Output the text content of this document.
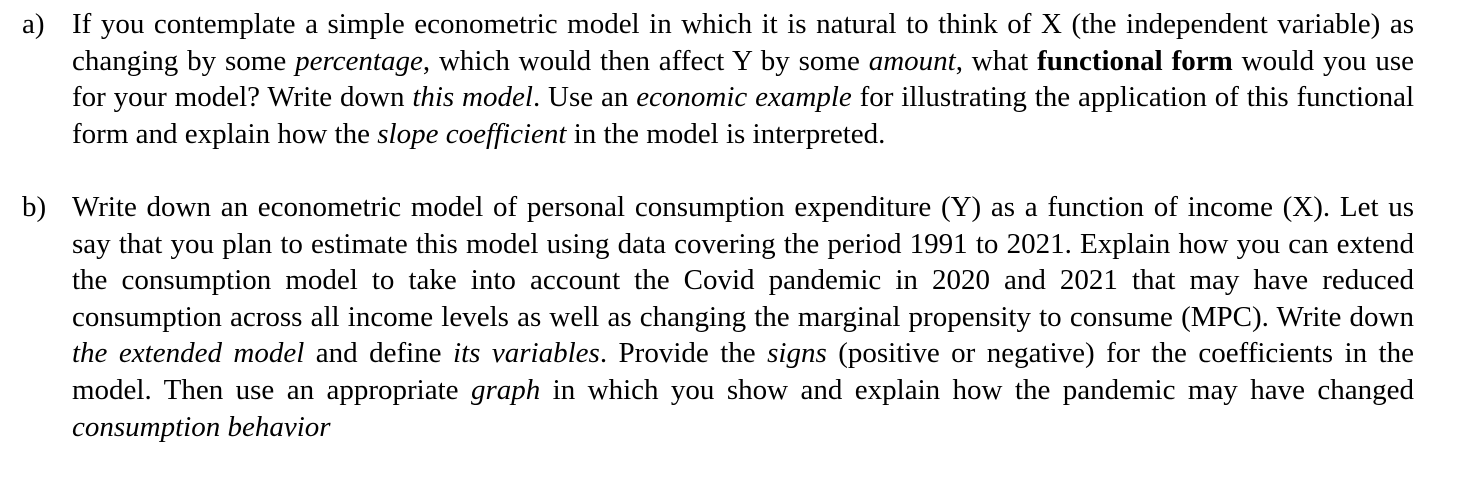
a) If you contemplate a simple econometric model in which it is natural to think of X (the independent variable) as changing by some percentage, which would then affect Y by some amount, what functional form would you use for your model? Write down this model. Use an economic example for illustrating the application of this functional form and explain how the slope coefficient in the model is interpreted.
b) Write down an econometric model of personal consumption expenditure (Y) as a function of income (X). Let us say that you plan to estimate this model using data covering the period 1991 to 2021. Explain how you can extend the consumption model to take into account the Covid pandemic in 2020 and 2021 that may have reduced consumption across all income levels as well as changing the marginal propensity to consume (MPC). Write down the extended model and define its variables. Provide the signs (positive or negative) for the coefficients in the model. Then use an appropriate graph in which you show and explain how the pandemic may have changed consumption behavior
